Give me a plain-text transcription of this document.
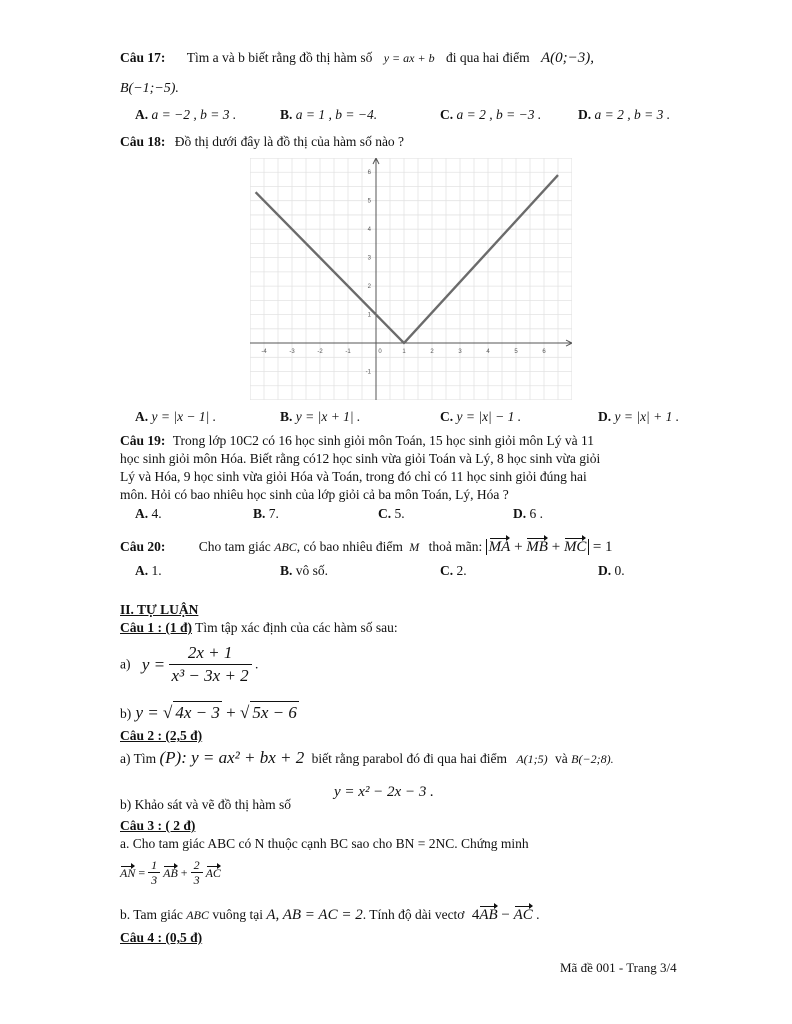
Câu 17: Tìm a và b biết rằng đồ thị hàm số y = ax + b đi qua hai điểm A(0;−3),
B(−1;−5).
A. a = −2 , b = 3 .	B. a = 1 , b = −4.	C. a = 2 , b = −3 .	D. a = 2 , b = 3 .
Câu 18: Đồ thị dưới đây là đồ thị của hàm số nào ?
-4	-3	-2	-1	0	1	2	3	4	5	6
-1
1
2
3
4
5
6
A. y = |x − 1| .	B. y = |x + 1| .	C. y = |x| − 1 .	D. y = |x| + 1 .
Câu 19: Trong lớp 10C2 có 16 học sinh giỏi môn Toán, 15 học sinh giỏi môn Lý và 11
học sinh giỏi môn Hóa. Biết rằng có12 học sinh vừa giỏi Toán và Lý, 8 học sinh vừa giỏi
Lý và Hóa, 9 học sinh vừa giỏi Hóa và Toán, trong đó chỉ có 11 học sinh giỏi đúng hai
môn. Hỏi có bao nhiêu học sinh của lớp giỏi cả ba môn Toán, Lý, Hóa ?
A. 4.	B. 7.	C. 5.	D. 6 .
Câu 20: Cho tam giác ABC, có bao nhiêu điểm M thoả mãn: MA + MB + MC = 1
A. 1.	B. vô số.	C. 2.	D. 0.
II. TỰ LUẬN
Câu 1 : (1 đ) Tìm tập xác định của các hàm số sau:
a) $y = \frac{2x + 1}{\text{x³ − 3x + 2}}$ .
b) y = √ 4x − 3 + √ 5x − 6
Câu 2 : (2,5 đ)
a) Tìm (P): y = ax² + bx + 2 biết rằng parabol đó đi qua hai điểm A(1;5) và B(−2;8).
y = x² − 2x − 3 .
b) Khảo sát và vẽ đồ thị hàm số
Câu 3 : ( 2 đ)
a. Cho tam giác ABC có N thuộc cạnh BC sao cho BN = 2NC. Chứng minh
AN = $\frac{1}{3}$ AB + $\frac{2}{3}$ AC
b. Tam giác ABC vuông tại A, AB = AC = 2. Tính độ dài vectơ 4AB − AC .
Câu 4 : (0,5 đ)
Mã đề 001 - Trang 3/4
